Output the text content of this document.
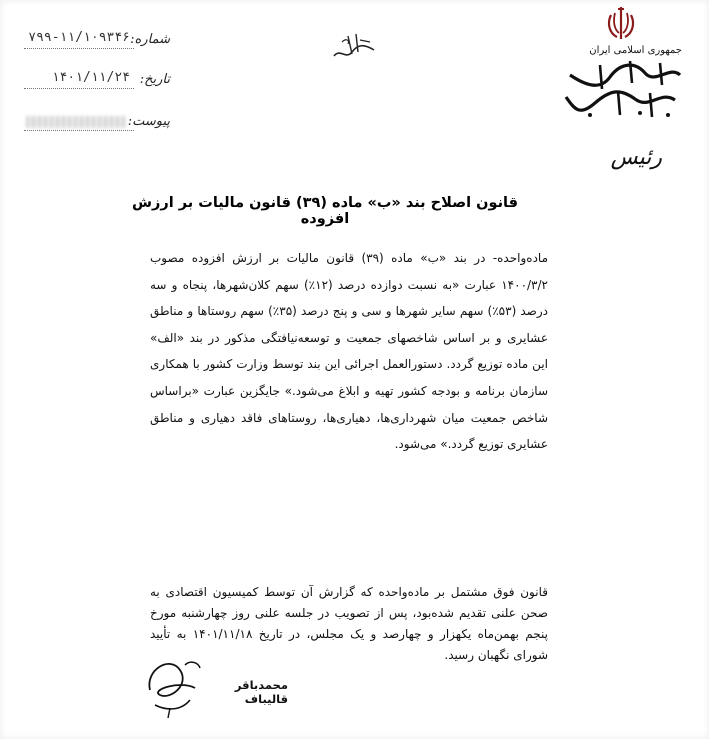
شماره:
۷۹۹-۱۱/۱۰۹۳۴۶
تاریخ:
۱۴۰۱/۱۱/۲۴
پیوست:
جمهوری اسلامی ایران
رئیس
قانون اصلاح بند «ب» ماده (۳۹) قانون مالیات بر ارزش افزوده

ماده‌واحده- در بند «ب» ماده (۳۹) قانون مالیات بر ارزش افزوده مصوب ۱۴۰۰/۳/۲ عبارت «به نسبت دوازده درصد (۱۲٪) سهم کلان‌شهرها، پنجاه و سه درصد (۵۳٪) سهم سایر شهرها و سی و پنج درصد (۳۵٪) سهم روستاها و مناطق عشایری و بر اساس شاخصهای جمعیت و توسعه‌نیافتگی مذکور در بند «الف» این ماده توزیع گردد. دستورالعمل اجرائی این بند توسط وزارت کشور با همکاری سازمان برنامه و بودجه کشور تهیه و ابلاغ می‌شود.» جایگزین عبارت «براساس شاخص جمعیت میان شهرداری‌ها، دهیاری‌ها، روستاهای فاقد دهیاری و مناطق عشایری توزیع گردد.» می‌شود.

قانون فوق مشتمل بر ماده‌واحده که گزارش آن توسط کمیسیون اقتصادی به صحن علنی تقدیم شده‌بود، پس از تصویب در جلسه علنی روز چهارشنبه مورخ پنجم بهمن‌ماه یکهزار و چهارصد و یک مجلس، در تاریخ ۱۴۰۱/۱۱/۱۸ به تأیید شورای نگهبان رسید.

محمدباقر قالیباف
